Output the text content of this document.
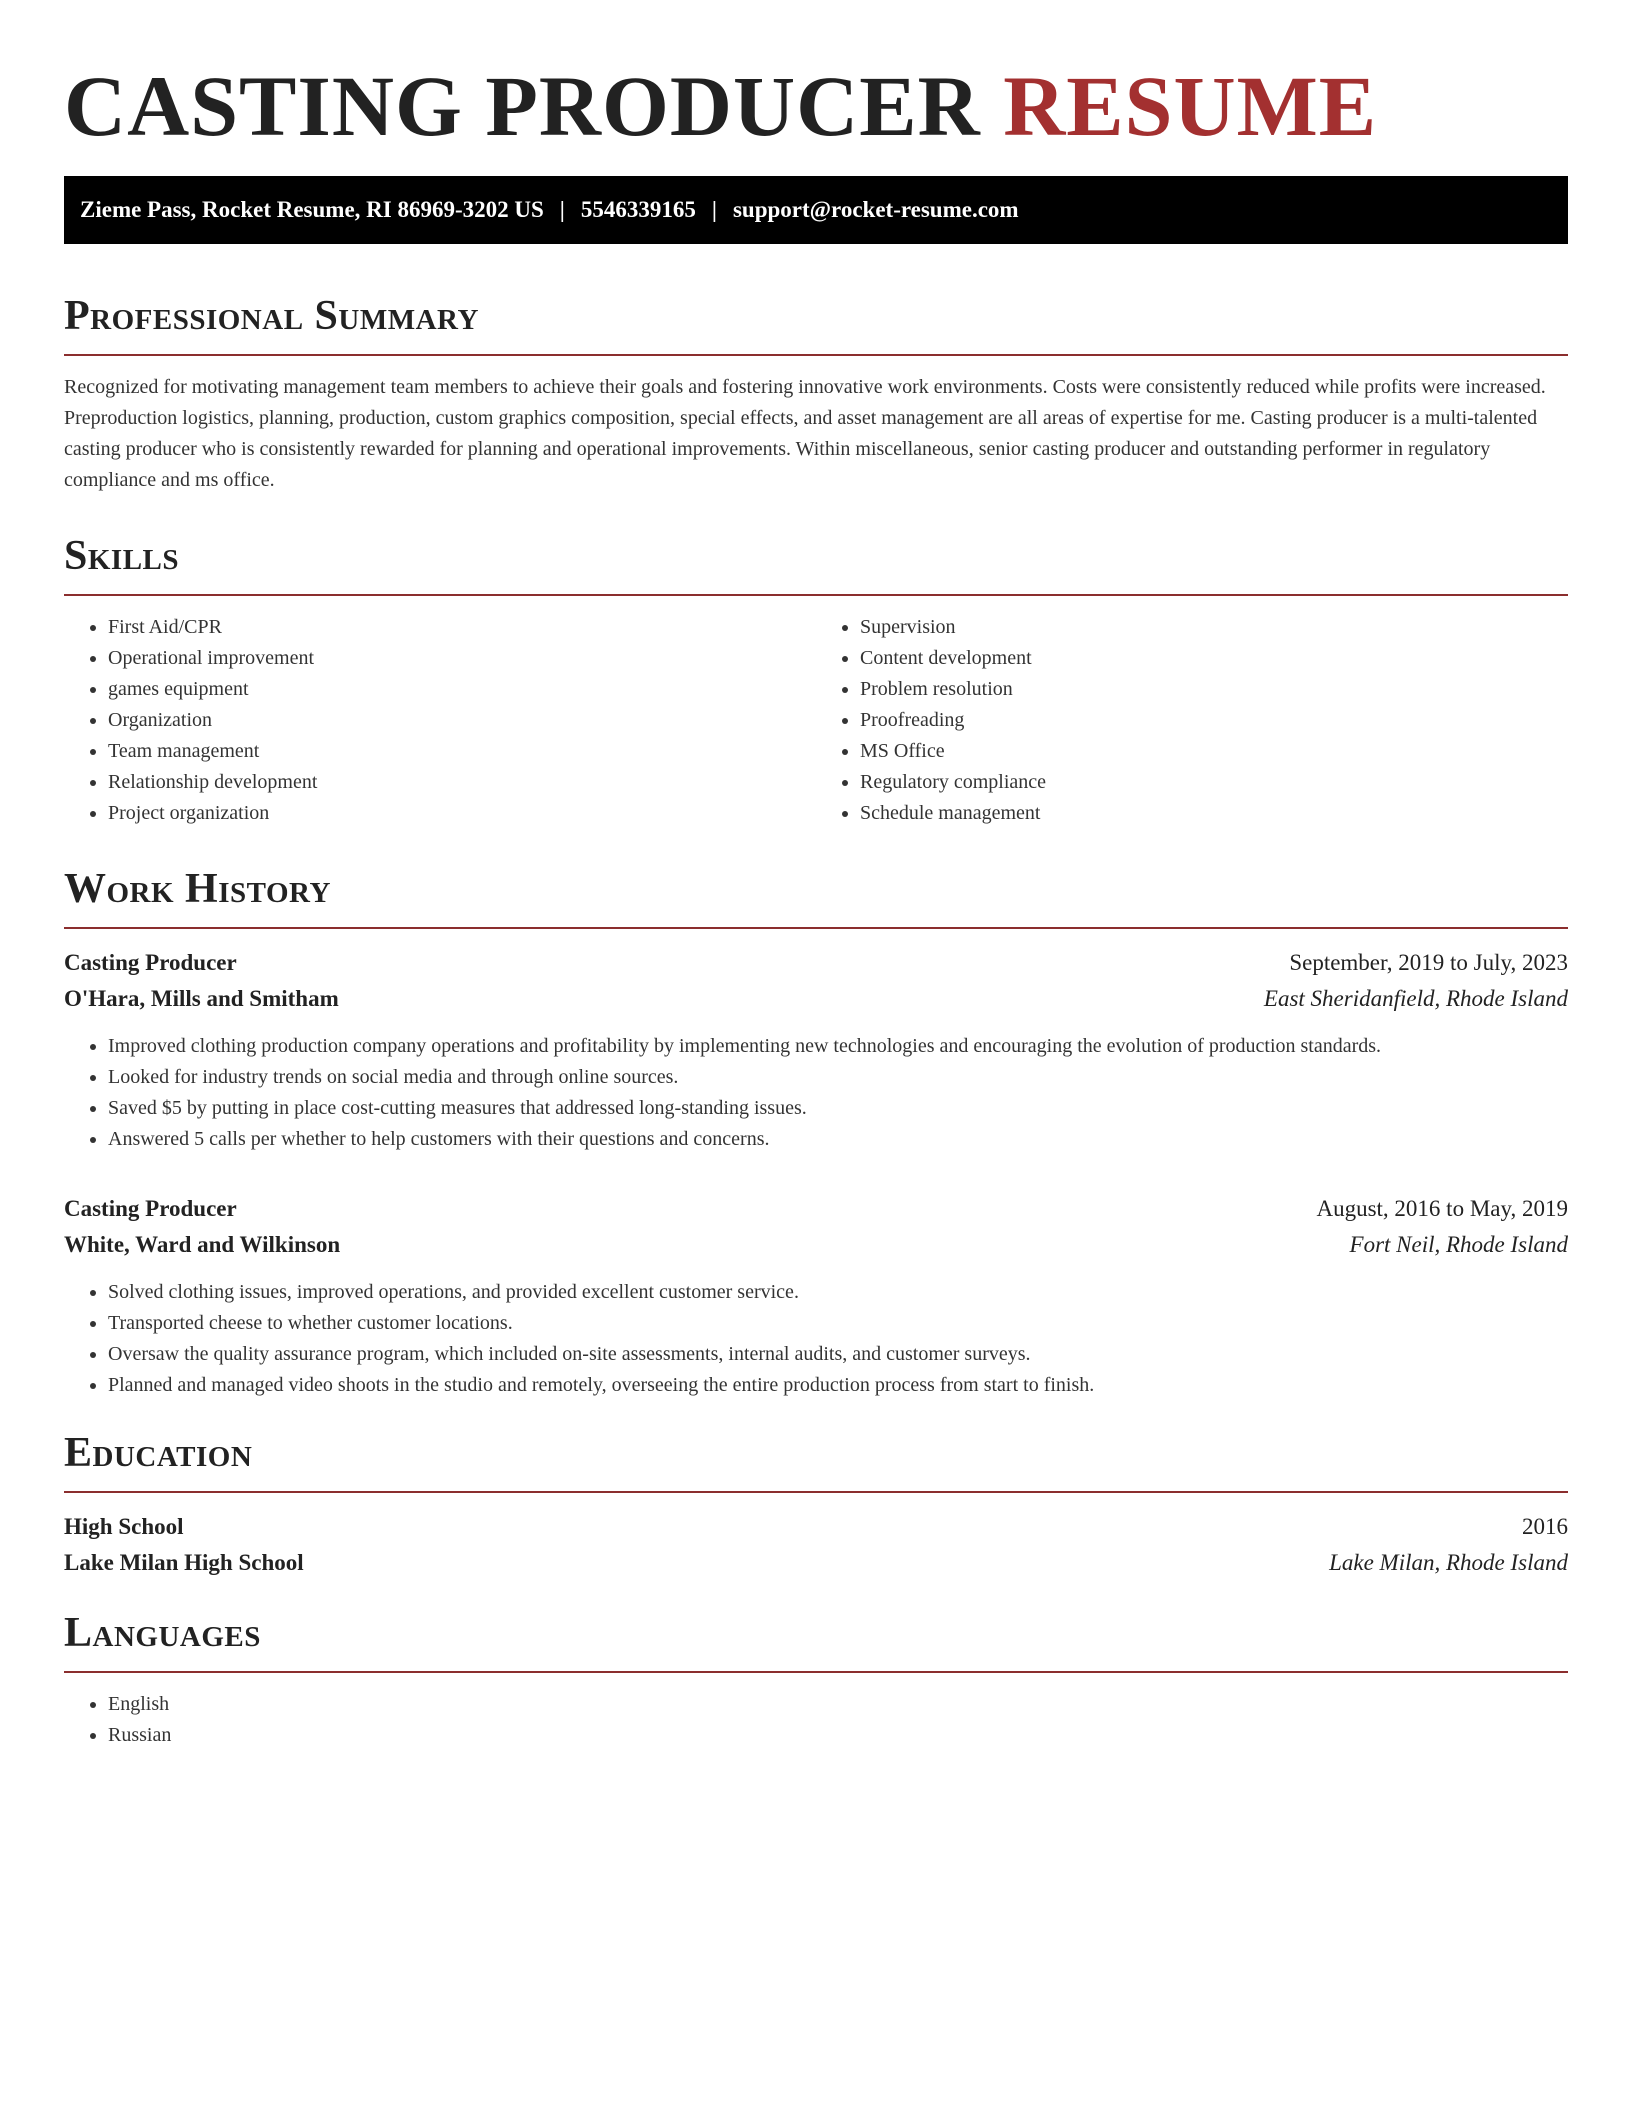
CASTING PRODUCER RESUME
Zieme Pass, Rocket Resume, RI 86969-3202 US | 5546339165 | support@rocket-resume.com
Professional Summary

Recognized for motivating management team members to achieve their goals and fostering innovative work environments. Costs were consistently reduced while profits were increased. Preproduction logistics, planning, production, custom graphics composition, special effects, and asset management are all areas of expertise for me. Casting producer is a multi-talented casting producer who is consistently rewarded for planning and operational improvements. Within miscellaneous, senior casting producer and outstanding performer in regulatory compliance and ms office.

Skills
• First Aid/CPR
• Operational improvement
• games equipment
• Organization
• Team management
• Relationship development
• Project organization
• Supervision
• Content development
• Problem resolution
• Proofreading
• MS Office
• Regulatory compliance
• Schedule management
Work History
Casting Producer	September, 2019 to July, 2023
O'Hara, Mills and Smitham	East Sheridanfield, Rhode Island
• Improved clothing production company operations and profitability by implementing new technologies and encouraging the evolution of production standards.
• Looked for industry trends on social media and through online sources.
• Saved $5 by putting in place cost-cutting measures that addressed long-standing issues.
• Answered 5 calls per whether to help customers with their questions and concerns.
Casting Producer	August, 2016 to May, 2019
White, Ward and Wilkinson	Fort Neil, Rhode Island
• Solved clothing issues, improved operations, and provided excellent customer service.
• Transported cheese to whether customer locations.
• Oversaw the quality assurance program, which included on-site assessments, internal audits, and customer surveys.
• Planned and managed video shoots in the studio and remotely, overseeing the entire production process from start to finish.
Education
High School	2016
Lake Milan High School	Lake Milan, Rhode Island
Languages
• English
• Russian
